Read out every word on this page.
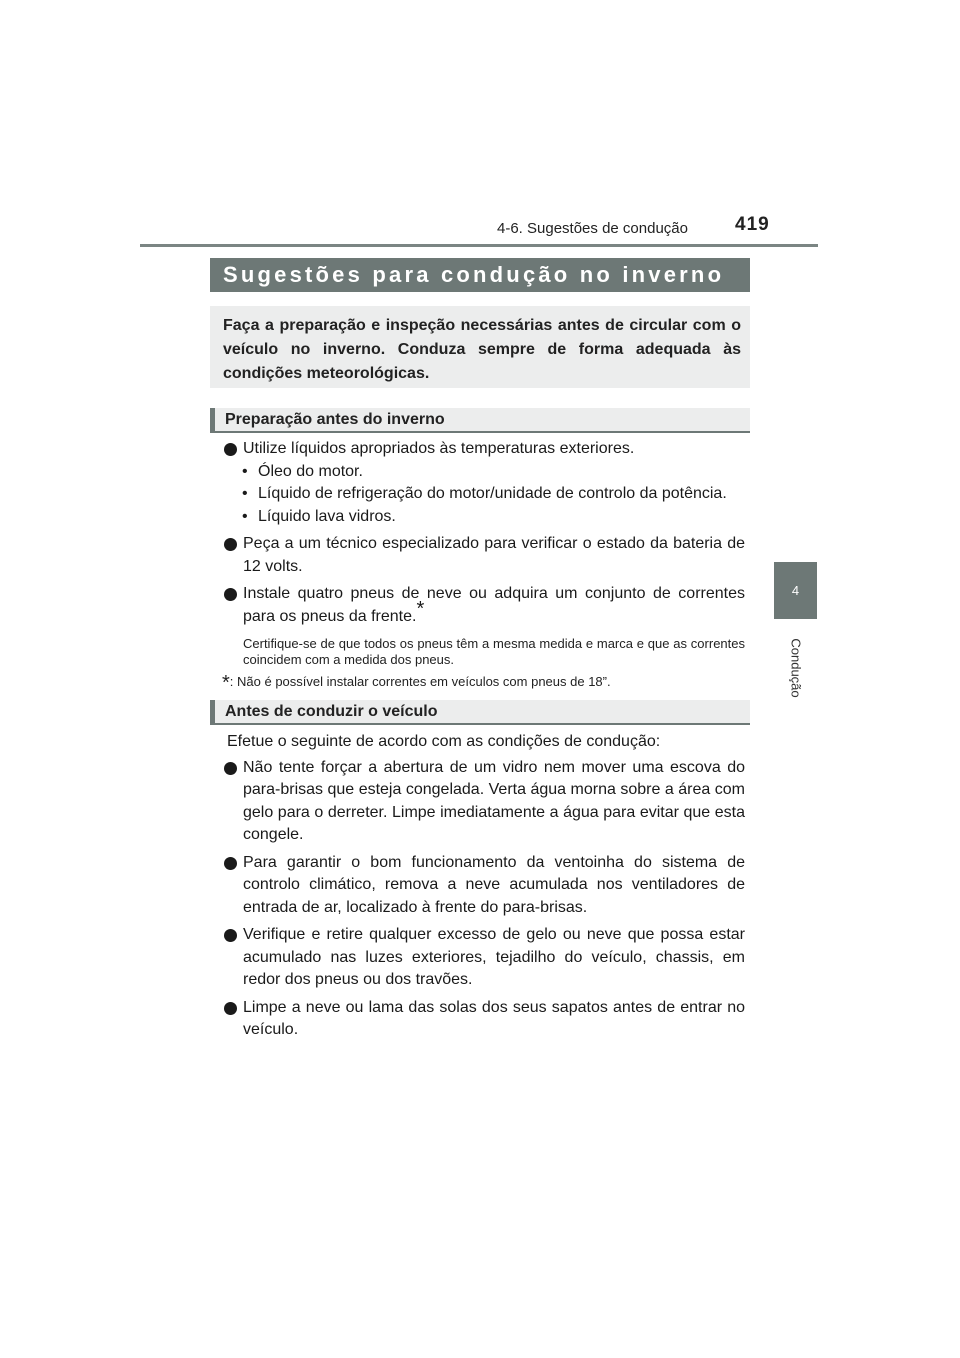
4-6. Sugestões de condução 419
4
Condução
Sugestões para condução no inverno
Faça a preparação e inspeção necessárias antes de circular com o veículo no inverno. Conduza sempre de forma adequada às condições meteorológicas.
Preparação antes do inverno
Utilize líquidos apropriados às temperaturas exteriores.
• Óleo do motor.
• Líquido de refrigeração do motor/unidade de controlo da potência.
• Líquido lava vidros.
Peça a um técnico especializado para verificar o estado da bateria de 12 volts.
Instale quatro pneus de neve ou adquira um conjunto de correntes para os pneus da frente.*
Certifique-se de que todos os pneus têm a mesma medida e marca e que as correntes coincidem com a medida dos pneus.
*: Não é possível instalar correntes em veículos com pneus de 18”.
Antes de conduzir o veículo
Efetue o seguinte de acordo com as condições de condução:
Não tente forçar a abertura de um vidro nem mover uma escova do para-brisas que esteja congelada. Verta água morna sobre a área com gelo para o derreter. Limpe imediatamente a água para evitar que esta congele.
Para garantir o bom funcionamento da ventoinha do sistema de controlo climático, remova a neve acumulada nos ventiladores de entrada de ar, localizado à frente do para-brisas.
Verifique e retire qualquer excesso de gelo ou neve que possa estar acumulado nas luzes exteriores, tejadilho do veículo, chassis, em redor dos pneus ou dos travões.
Limpe a neve ou lama das solas dos seus sapatos antes de entrar no veículo.
